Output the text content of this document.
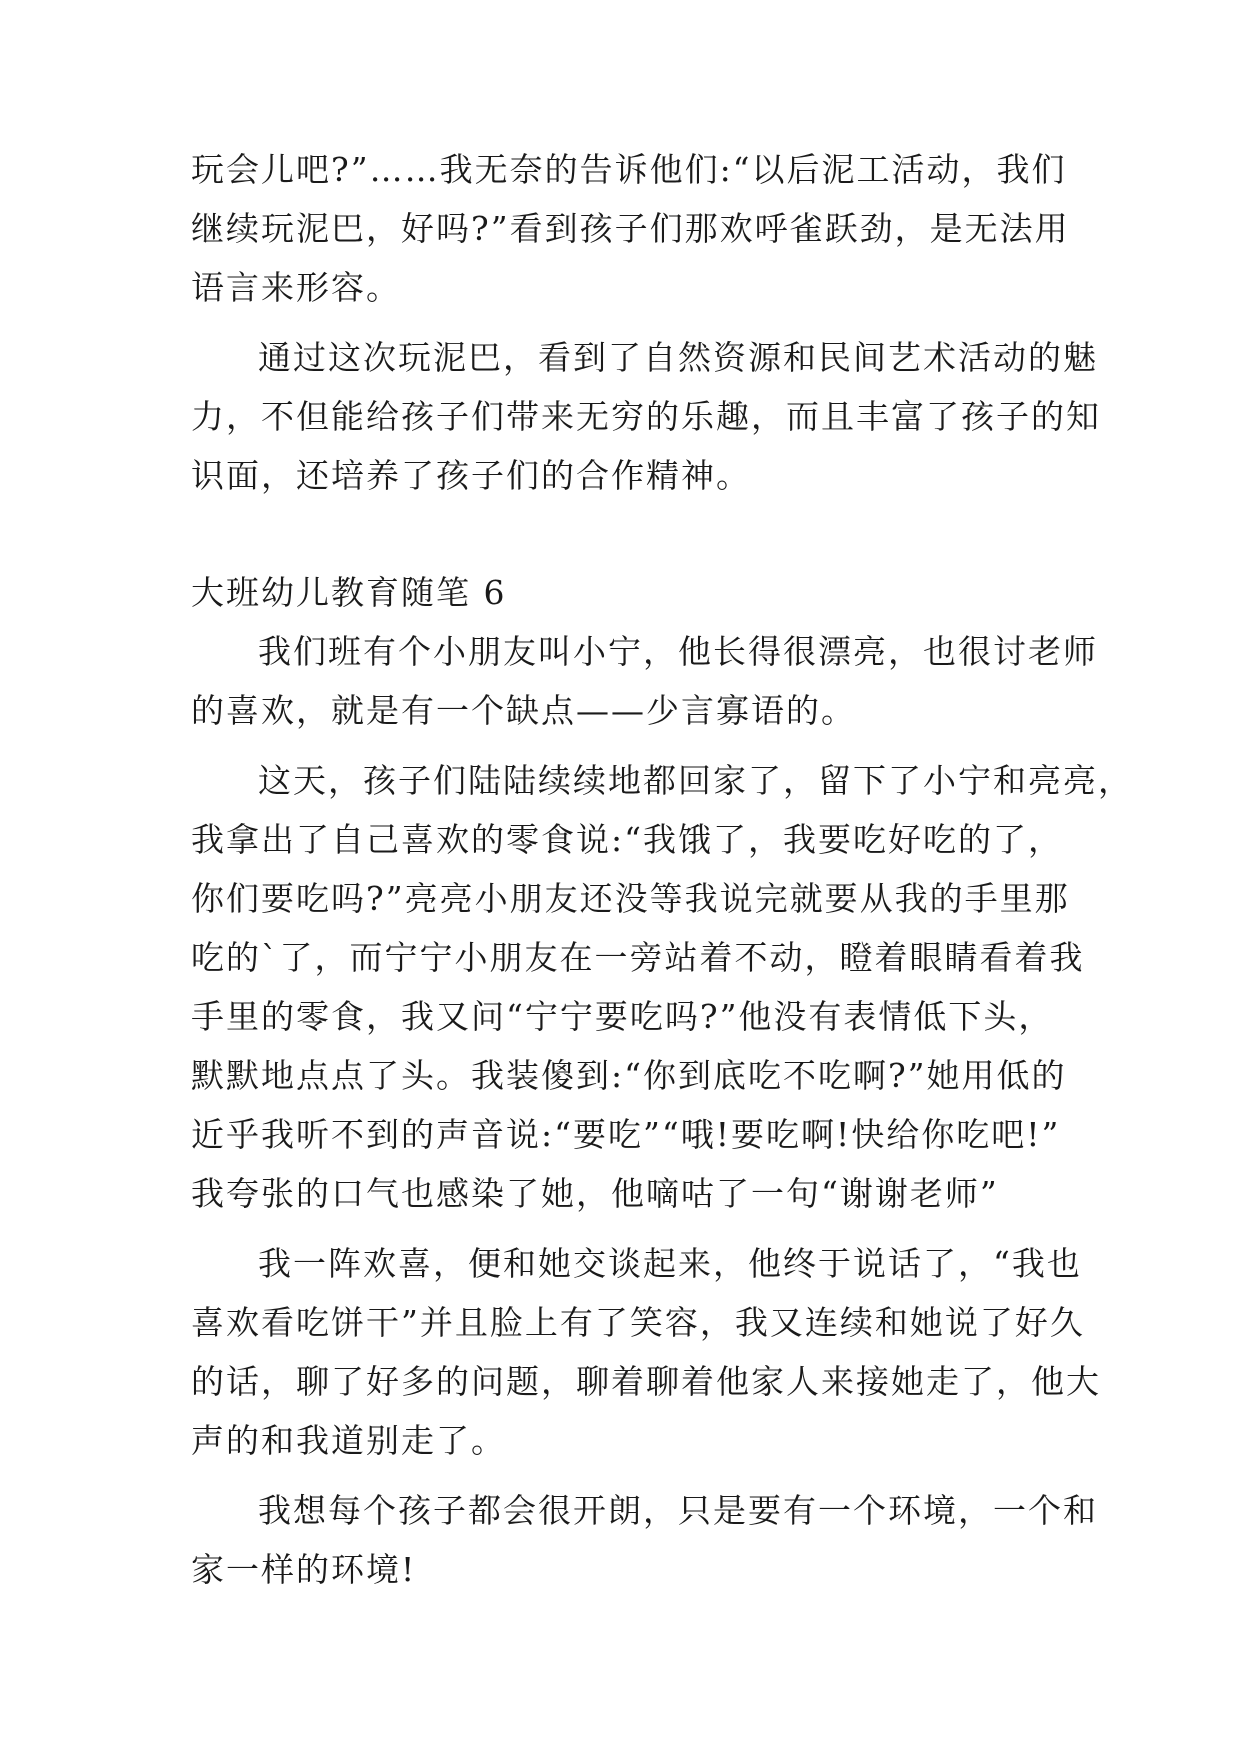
玩会儿吧?”……我无奈的告诉他们:“以后泥工活动，我们
继续玩泥巴，好吗?”看到孩子们那欢呼雀跃劲，是无法用
语言来形容。
通过这次玩泥巴，看到了自然资源和民间艺术活动的魅
力，不但能给孩子们带来无穷的乐趣，而且丰富了孩子的知
识面，还培养了孩子们的合作精神。
大班幼儿教育随笔 6
我们班有个小朋友叫小宁，他长得很漂亮，也很讨老师
的喜欢，就是有一个缺点——少言寡语的。
这天，孩子们陆陆续续地都回家了，留下了小宁和亮亮，
我拿出了自己喜欢的零食说:“我饿了，我要吃好吃的了，
你们要吃吗?”亮亮小朋友还没等我说完就要从我的手里那
吃的`了，而宁宁小朋友在一旁站着不动，瞪着眼睛看着我
手里的零食，我又问“宁宁要吃吗?”他没有表情低下头，
默默地点点了头。我装傻到:“你到底吃不吃啊?”她用低的
近乎我听不到的声音说:“要吃”“哦!要吃啊!快给你吃吧!”
我夸张的口气也感染了她，他嘀咕了一句“谢谢老师”
我一阵欢喜，便和她交谈起来，他终于说话了，“我也
喜欢看吃饼干”并且脸上有了笑容，我又连续和她说了好久
的话，聊了好多的问题，聊着聊着他家人来接她走了，他大
声的和我道别走了。
我想每个孩子都会很开朗，只是要有一个环境，一个和
家一样的环境!
